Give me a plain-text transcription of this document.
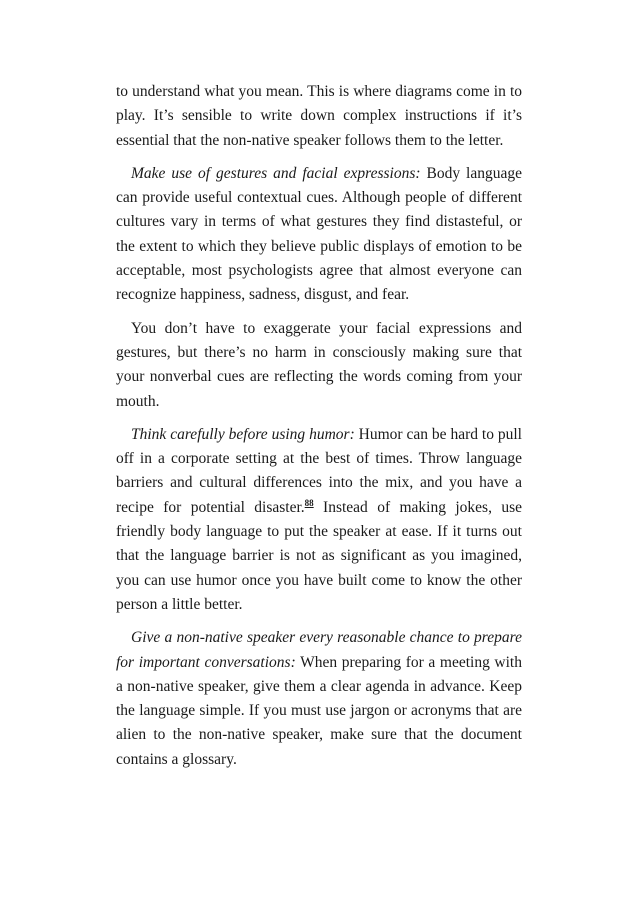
to understand what you mean. This is where diagrams come in to play. It’s sensible to write down complex instructions if it’s essential that the non-native speaker follows them to the letter.

Make use of gestures and facial expressions: Body language can provide useful contextual cues. Although people of different cultures vary in terms of what gestures they find distasteful, or the extent to which they believe public displays of emotion to be acceptable, most psychologists agree that almost everyone can recognize happiness, sadness, disgust, and fear.

You don’t have to exaggerate your facial expressions and gestures, but there’s no harm in consciously making sure that your nonverbal cues are reflecting the words coming from your mouth.

Think carefully before using humor: Humor can be hard to pull off in a corporate setting at the best of times. Throw language barriers and cultural differences into the mix, and you have a recipe for potential disaster.$^{88}$ Instead of making jokes, use friendly body language to put the speaker at ease. If it turns out that the language barrier is not as significant as you imagined, you can use humor once you have built come to know the other person a little better.

Give a non-native speaker every reasonable chance to prepare for important conversations: When preparing for a meeting with a non-native speaker, give them a clear agenda in advance. Keep the language simple. If you must use jargon or acronyms that are alien to the non-native speaker, make sure that the document contains a glossary.
